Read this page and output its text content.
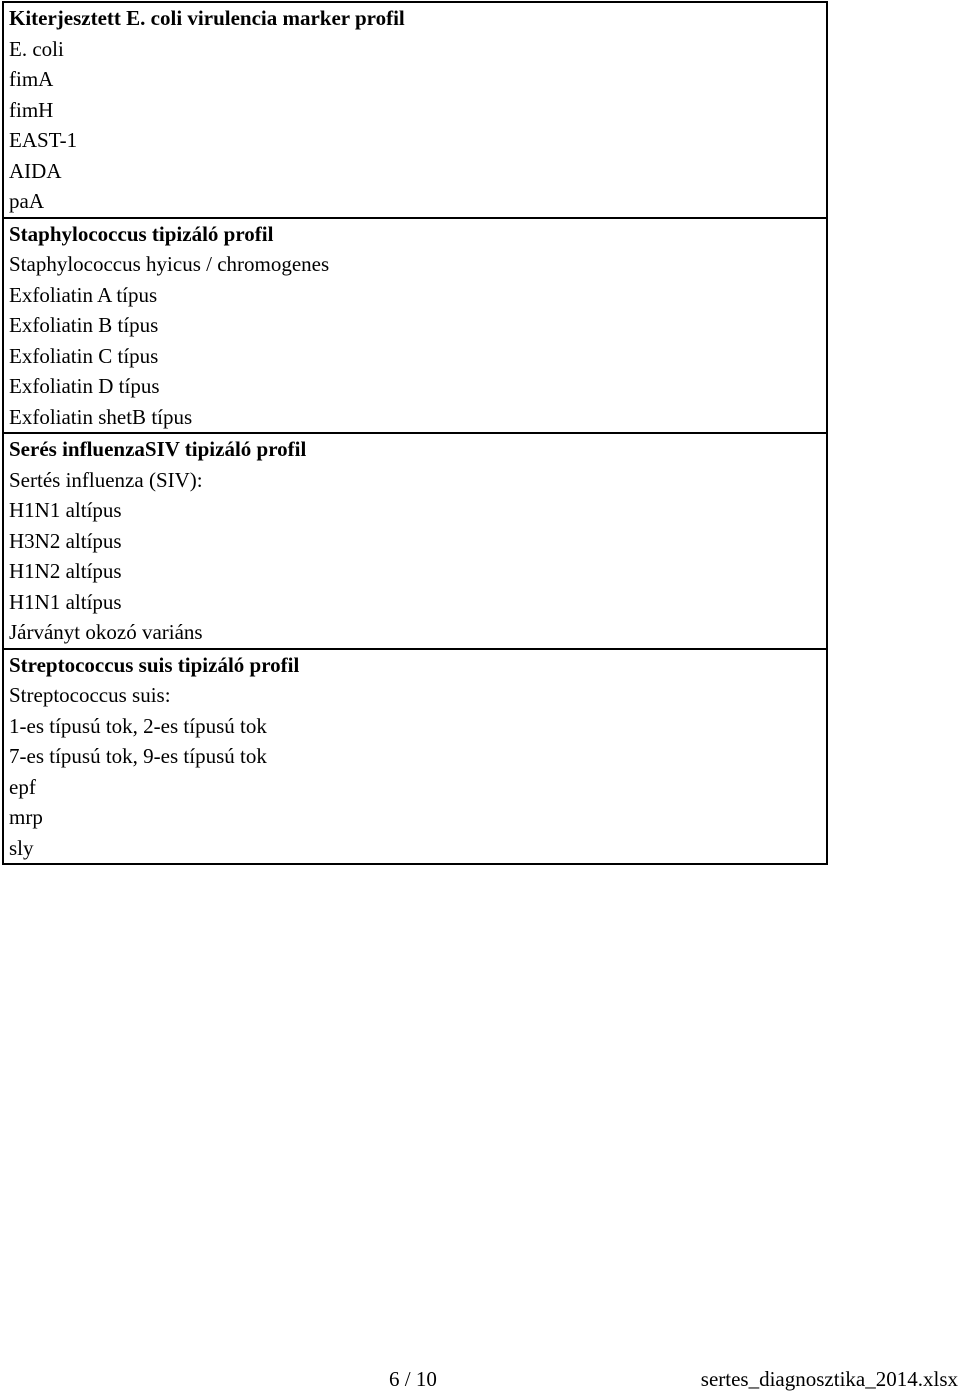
Kiterjesztett E. coli virulencia marker profil
E. coli
fimA
fimH
EAST-1
AIDA
paA
Staphylococcus tipizáló profil
Staphylococcus hyicus / chromogenes
Exfoliatin A típus
Exfoliatin B típus
Exfoliatin C típus
Exfoliatin D típus
Exfoliatin shetB típus
Serés influenzaSIV tipizáló profil
Sertés influenza (SIV):
H1N1 altípus
H3N2 altípus
H1N2 altípus
H1N1 altípus
Járványt okozó variáns
Streptococcus suis tipizáló profil
Streptococcus suis:
1-es típusú tok, 2-es típusú tok
7-es típusú tok, 9-es típusú tok
epf
mrp
sly
6 / 10	sertes_diagnosztika_2014.xlsx
